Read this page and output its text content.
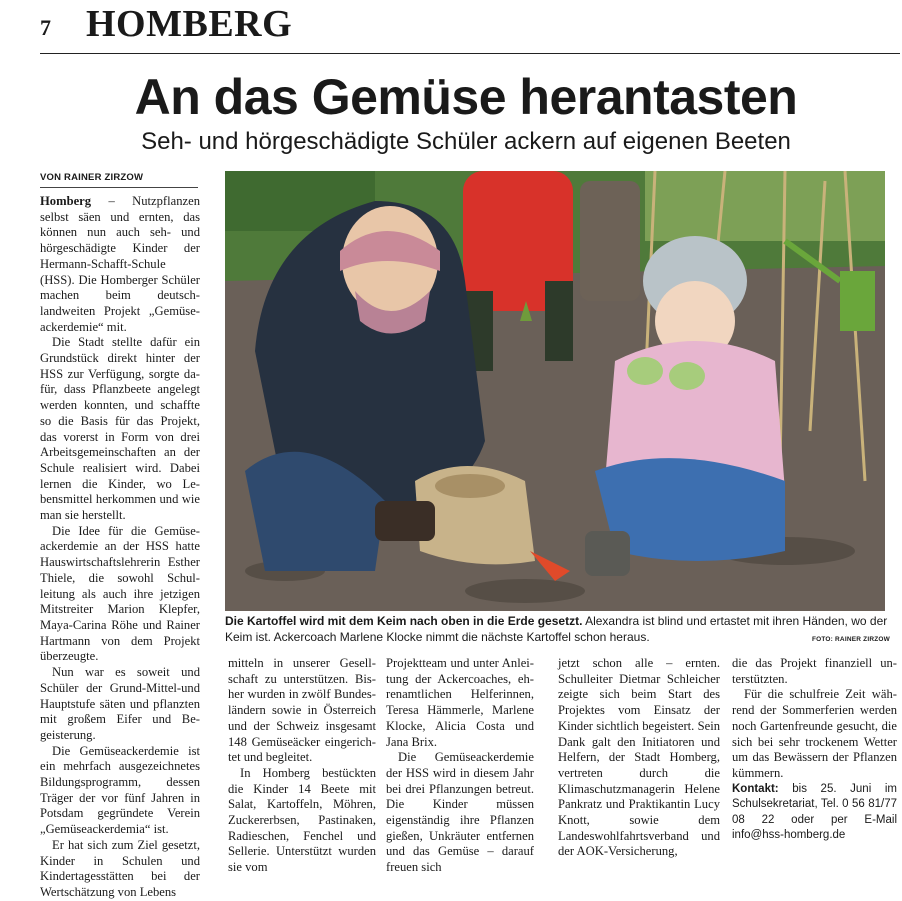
7 HOMBERG
An das Gemüse herantasten
Seh- und hörgeschädigte Schüler ackern auf eigenen Beeten
VON RAINER ZIRZOW

Homberg – Nutzpflanzen selbst säen und ernten, das können nun auch seh- und hörgeschädigte Kinder der Hermann-Schafft-Schule (HSS). Die Homberger Schüler machen beim deutschlandweiten Projekt „Gemüseackerdemie“ mit.

Die Stadt stellte dafür ein Grundstück direkt hinter der HSS zur Verfügung, sorgte dafür, dass Pflanzbeete angelegt werden konnten, und schaffte so die Basis für das Projekt, das vorerst in Form von drei Arbeitsgemeinschaften an der Schule realisiert wird. Dabei lernen die Kinder, wo Lebensmittel herkommen und wie man sie herstellt.

Die Idee für die Gemüseackerdemie an der HSS hatte Hauswirtschaftslehrerin Esther Thiele, die sowohl Schulleitung als auch ihre jetzigen Mitstreiter Marion Klepfer, Maya-Carina Röhe und Rainer Hartmann von dem Projekt überzeugte.

Nun war es soweit und Schüler der Grund-Mittel-und Hauptstufe säten und pflanzten mit großem Eifer und Begeisterung.

Die Gemüseackerdemie ist ein mehrfach ausgezeichnetes Bildungsprogramm, dessen Träger der vor fünf Jahren in Potsdam gegründete Verein „Gemüseackerdemia“ ist.

Er hat sich zum Ziel gesetzt, Kinder in Schulen und Kindertagesstätten bei der Wertschätzung von Lebens

Die Kartoffel wird mit dem Keim nach oben in die Erde gesetzt. Alexandra ist blind und ertastet mit ihren Händen, wo der Keim ist. Ackercoach Marlene Klocke nimmt die nächste Kartoffel schon heraus.	FOTO: RAINER ZIRZOW

mitteln in unserer Gesellschaft zu unterstützen. Bisher wurden in zwölf Bundesländern sowie in Österreich und der Schweiz insgesamt 148 Gemüseäcker eingerichtet und begleitet.

In Homberg bestückten die Kinder 14 Beete mit Salat, Kartoffeln, Möhren, Zuckererbsen, Pastinaken, Radieschen, Fenchel und Sellerie. Unterstützt wurden sie vom

Projektteam und unter Anleitung der Ackercoaches, ehrenamtlichen Helferinnen, Teresa Hämmerle, Marlene Klocke, Alicia Costa und Jana Brix.

Die Gemüseackerdemie der HSS wird in diesem Jahr bei drei Pflanzungen betreut. Die Kinder müssen eigenständig ihre Pflanzen gießen, Unkräuter entfernen und das Gemüse – darauf freuen sich

jetzt schon alle – ernten. Schulleiter Dietmar Schleicher zeigte sich beim Start des Projektes vom Einsatz der Kinder sichtlich begeistert. Sein Dank galt den Initiatoren und Helfern, der Stadt Homberg, vertreten durch die Klimaschutzmanagerin Helene Pankratz und Praktikantin Lucy Knott, sowie dem Landeswohlfahrtsverband und der AOK-Versicherung,

die das Projekt finanziell unterstützten.

Für die schulfreie Zeit während der Sommerferien werden noch Gartenfreunde gesucht, die sich bei sehr trockenem Wetter um das Bewässern der Pflanzen kümmern.

Kontakt: bis 25. Juni im Schulsekretariat, Tel. 0 56 81/77 08 22 oder per E-Mail info@hss-homberg.de
